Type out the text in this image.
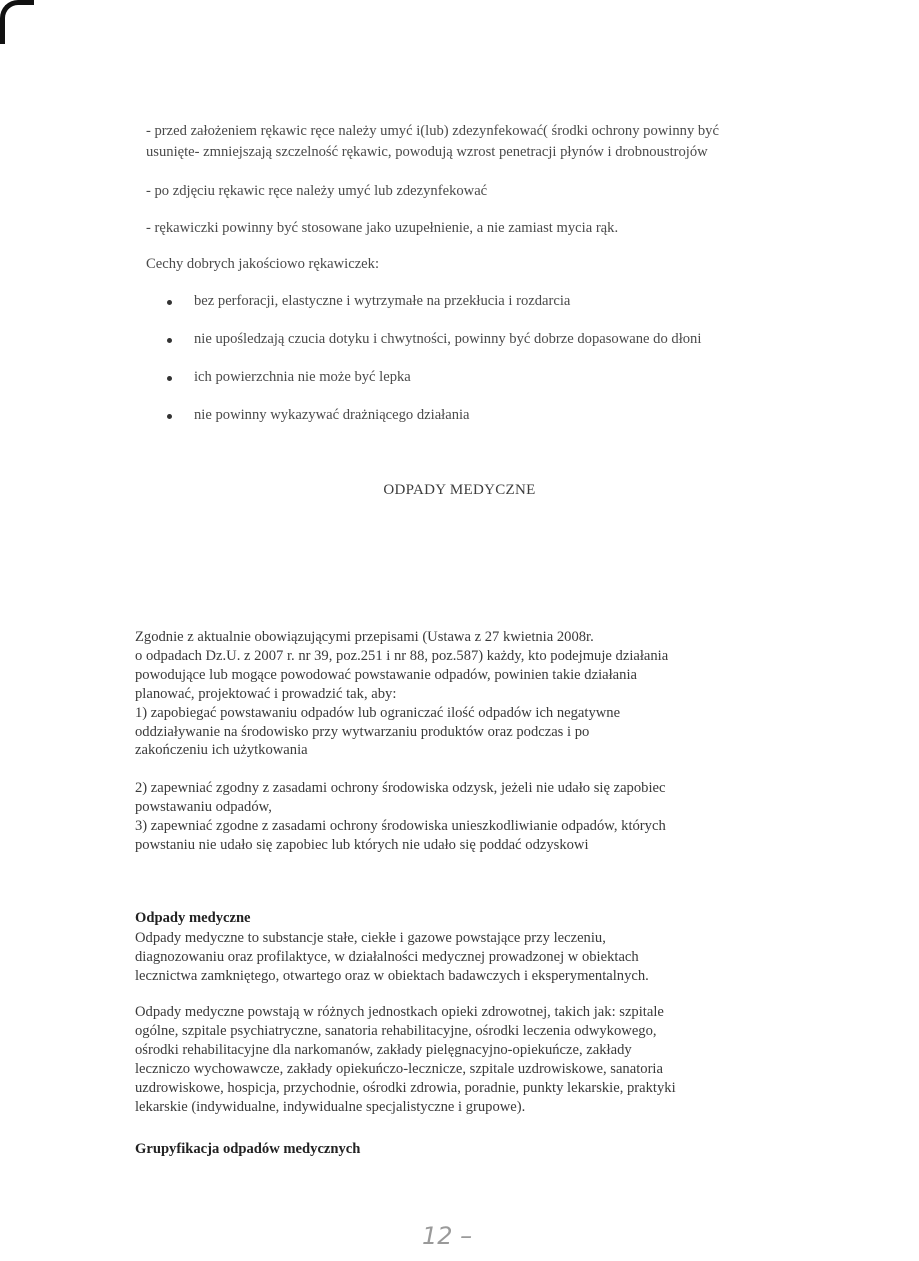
- przed założeniem rękawic ręce należy umyć i(lub) zdezynfekować( środki ochrony powinny być
usunięte- zmniejszają szczelność rękawic, powodują wzrost penetracji płynów i drobnoustrojów
- po zdjęciu rękawic ręce należy umyć lub zdezynfekować
- rękawiczki powinny być stosowane jako uzupełnienie, a nie zamiast mycia rąk.
Cechy dobrych jakościowo rękawiczek:
bez perforacji, elastyczne i wytrzymałe na przekłucia i rozdarcia
nie upośledzają czucia dotyku i chwytności, powinny być dobrze dopasowane do dłoni
ich powierzchnia nie może być lepka
nie powinny wykazywać drażniącego działania
ODPADY MEDYCZNE
Zgodnie z aktualnie obowiązującymi przepisami (Ustawa z 27 kwietnia 2008r.
o odpadach Dz.U. z 2007 r. nr 39, poz.251 i nr 88, poz.587) każdy, kto podejmuje działania
powodujące lub mogące powodować powstawanie odpadów, powinien takie działania
planować, projektować i prowadzić tak, aby:
1) zapobiegać powstawaniu odpadów lub ograniczać ilość odpadów ich negatywne
oddziaływanie na środowisko przy wytwarzaniu produktów oraz podczas i po
zakończeniu ich użytkowania
2) zapewniać zgodny z zasadami ochrony środowiska odzysk, jeżeli nie udało się zapobiec
powstawaniu odpadów,
3) zapewniać zgodne z zasadami ochrony środowiska unieszkodliwianie odpadów, których
powstaniu nie udało się zapobiec lub których nie udało się poddać odzyskowi
Odpady medyczne
Odpady medyczne to substancje stałe, ciekłe i gazowe powstające przy leczeniu,
diagnozowaniu oraz profilaktyce, w działalności medycznej prowadzonej w obiektach
lecznictwa zamkniętego, otwartego oraz w obiektach badawczych i eksperymentalnych.
Odpady medyczne powstają w różnych jednostkach opieki zdrowotnej, takich jak: szpitale
ogólne, szpitale psychiatryczne, sanatoria rehabilitacyjne, ośrodki leczenia odwykowego,
ośrodki rehabilitacyjne dla narkomanów, zakłady pielęgnacyjno-opiekuńcze, zakłady
leczniczo wychowawcze, zakłady opiekuńczo-lecznicze, szpitale uzdrowiskowe, sanatoria
uzdrowiskowe, hospicja, przychodnie, ośrodki zdrowia, poradnie, punkty lekarskie, praktyki
lekarskie (indywidualne, indywidualne specjalistyczne i grupowe).
Grupyfikacja odpadów medycznych
12 –
